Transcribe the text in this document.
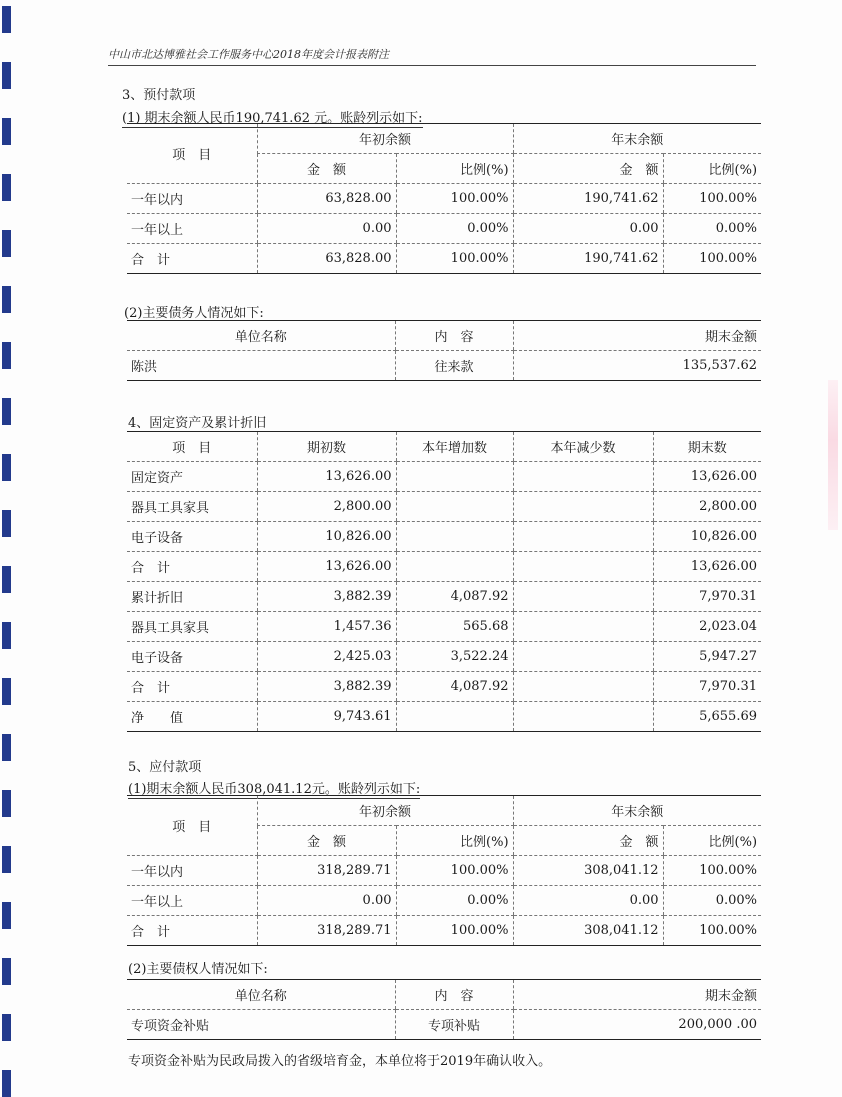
中山市北达博雅社会工作服务中心2018年度会计报表附注
3、预付款项
(1) 期末余额人民币190,741.62 元。账龄列示如下:
项　目	年初余额		年末余额	
	金　额	比例(%)	金　额	比例(%)
一年以内	63,828.00	100.00%	190,741.62	100.00%
一年以上	0.00	0.00%	0.00	0.00%
合　计	63,828.00	100.00%	190,741.62	100.00%
(2)主要债务人情况如下:
单位名称	内　容	期末金额
陈洪	往来款	135,537.62
4、固定资产及累计折旧
项　目	期初数	本年增加数	本年减少数	期末数
固定资产	13,626.00			13,626.00
器具工具家具	2,800.00			2,800.00
电子设备	10,826.00			10,826.00
合　计	13,626.00			13,626.00
累计折旧	3,882.39	4,087.92		7,970.31
器具工具家具	1,457.36	565.68		2,023.04
电子设备	2,425.03	3,522.24		5,947.27
合　计	3,882.39	4,087.92		7,970.31
净　　值	9,743.61			5,655.69
5、应付款项
(1)期末余额人民币308,041.12元。账龄列示如下:
项　目	年初余额		年末余额	
	金　额	比例(%)	金　额	比例(%)
一年以内	318,289.71	100.00%	308,041.12	100.00%
一年以上	0.00	0.00%	0.00	0.00%
合　计	318,289.71	100.00%	308,041.12	100.00%
(2)主要债权人情况如下:
单位名称	内　容	期末金额
专项资金补贴	专项补贴	200,000 .00
专项资金补贴为民政局拨入的省级培育金，本单位将于2019年确认收入。
